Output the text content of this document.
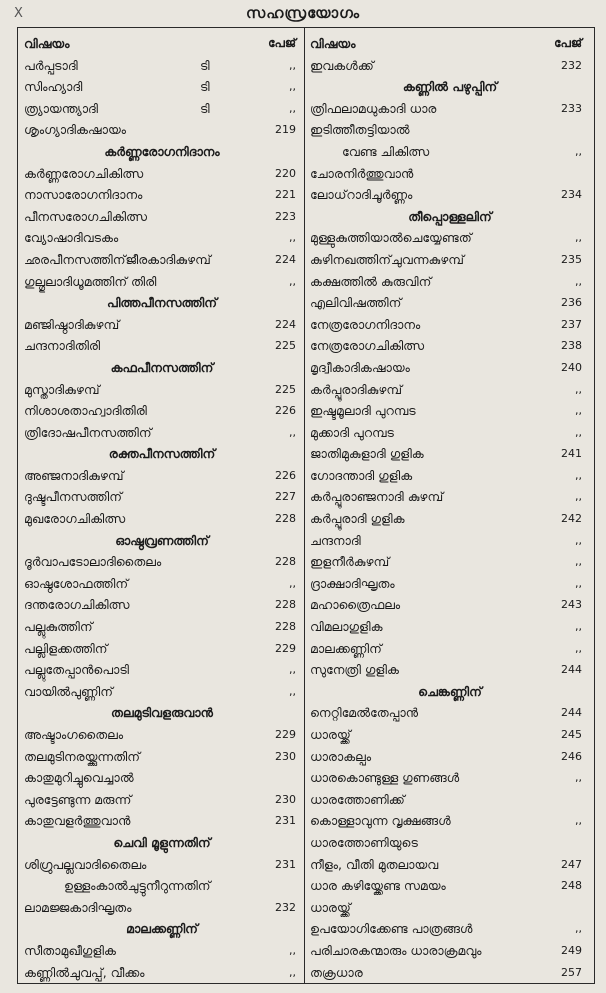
X	സഹസ്രയോഗം
വിഷയം	പേജ്
പർപ്പടാദി	ടി	,,
സിംഹ്യാദി	ടി	,,
ത്ര്യായന്ത്യാദി	ടി	,,
ശൃംഗ്യാദികഷായം	219
കർണ്ണരോഗനിദാനം
കർണ്ണരോഗചികിത്സ	220
നാസാരോഗനിദാനം	221
പീനസരോഗചികിത്സ	223
വ്യോഷാദിവടകം	,,
ഛരപീനസത്തിന്‌ജീരകാദികുഴമ്പ്	224
ഗുല്ഗുലാദിധൂമത്തിന് തിരി	,,
പിത്തപീനസത്തിന്
മഞ്ജിഷ്ഠാദികുഴമ്പ്	224
ചന്ദനാദിതിരി	225
കഫപീനസത്തിന്
മുസ്താദികുഴമ്പ്	225
നിശാശതാഹ്വാദിതിരി	226
ത്രിദോഷപീനസത്തിന്	,,
രക്തപീനസത്തിന്
അഞ്ജനാദികുഴമ്പ്	226
ദുഷ്ടപീനസത്തിന്	227
മുഖരോഗചികിത്സ	228
ഓഷ്ഠവ്രണത്തിന്
ദൂർവാപടോലാദിതൈലം	228
ഓഷ്ഠശോഫത്തിന്	,,
ദന്തരോഗചികിത്സ	228
പല്ലുകുത്തിന്	228
പല്ലിളക്കത്തിന്	229
പല്ലുതേപ്പാൻപൊടി	,,
വായിൽപുണ്ണിന്	,,
തലമുടിവളരുവാൻ
അഷ്ടാംഗതൈലം	229
തലമുടിനരയ്ക്കുന്നതിന്	230
കാതുമുറിച്ചുവെച്ചാൽ
പുരട്ടേണ്ടുന്ന മരുന്ന്	230
കാതുവളർത്തുവാൻ	231
ചെവി മൂളുന്നതിന്
ശിഗ്രുപല്ലവാദിതൈലം	231
ഉള്ളംകാൽചുട്ടുനീറുന്നതിന്
ലാമജ്ജകാദിഘൃതം	232
മാലക്കണ്ണിന്
സീതാമുഖീഗുളിക	,,
കണ്ണിൽചുവപ്പ്, വീക്കം	,,
വിഷയം	പേജ്
ഇവകൾക്ക്	232
കണ്ണിൽ പഴുപ്പിന്
ത്രിഫലാമധുകാദി ധാര	233
ഇടിത്തീതട്ടിയാൽ
വേണ്ട ചികിത്സ	,,
ചോരനിർത്തുവാൻ
ലോധ്‌റാദിചൂർണ്ണം	234
തീപ്പൊള്ളലിന്
മുള്ളുകുത്തിയാൽചെയ്യേണ്ടത്	,,
കുഴിനഖത്തിന്‌ചുവന്നകുഴമ്പ്	235
കക്ഷത്തിൽ കുരുവിന്	,,
എലിവിഷത്തിന്	236
നേത്രരോഗനിദാനം	237
നേത്രരോഗചികിത്സ	238
മൃദ്വീകാദികഷായം	240
കർപ്പൂരാദികുഴമ്പ്	,,
ഇഷ്ടമൂലാദി പുറമ്പട	,,
മുക്കാദി പുറമ്പട	,,
ജാതിമുകുളാദി ഗുളിക	241
ഗോദന്താദി ഗുളിക	,,
കർപ്പൂരാഞ്ജനാദി കുഴമ്പ്	,,
കർപ്പൂരാദി ഗുളിക	242
ചന്ദനാദി	,,
ഇളനീർകുഴമ്പ്	,,
ദ്രാക്ഷാദിഘൃതം	,,
മഹാത്രൈഫലം	243
വിമലാഗുളിക	,,
മാലക്കണ്ണിന്	,,
സുനേത്രി ഗുളിക	244
ചെങ്കണ്ണിന്
നെറ്റിമേൽതേപ്പാൻ	244
ധാരയ്ക്ക്	245
ധാരാകല്പം	246
ധാരകൊണ്ടുള്ള ഗുണങ്ങൾ	,,
ധാരത്തോണിക്ക്
കൊള്ളാവുന്ന വൃക്ഷങ്ങൾ	,,
ധാരത്തോണിയുടെ
നീളം, വീതി മുതലായവ	247
ധാര കഴിയ്ക്കേണ്ട സമയം	248
ധാരയ്ക്ക്
ഉപയോഗിക്കേണ്ട പാത്രങ്ങൾ	,,
പരിചാരകന്മാരും ധാരാക്രമവും	249
തക്രധാര	257
